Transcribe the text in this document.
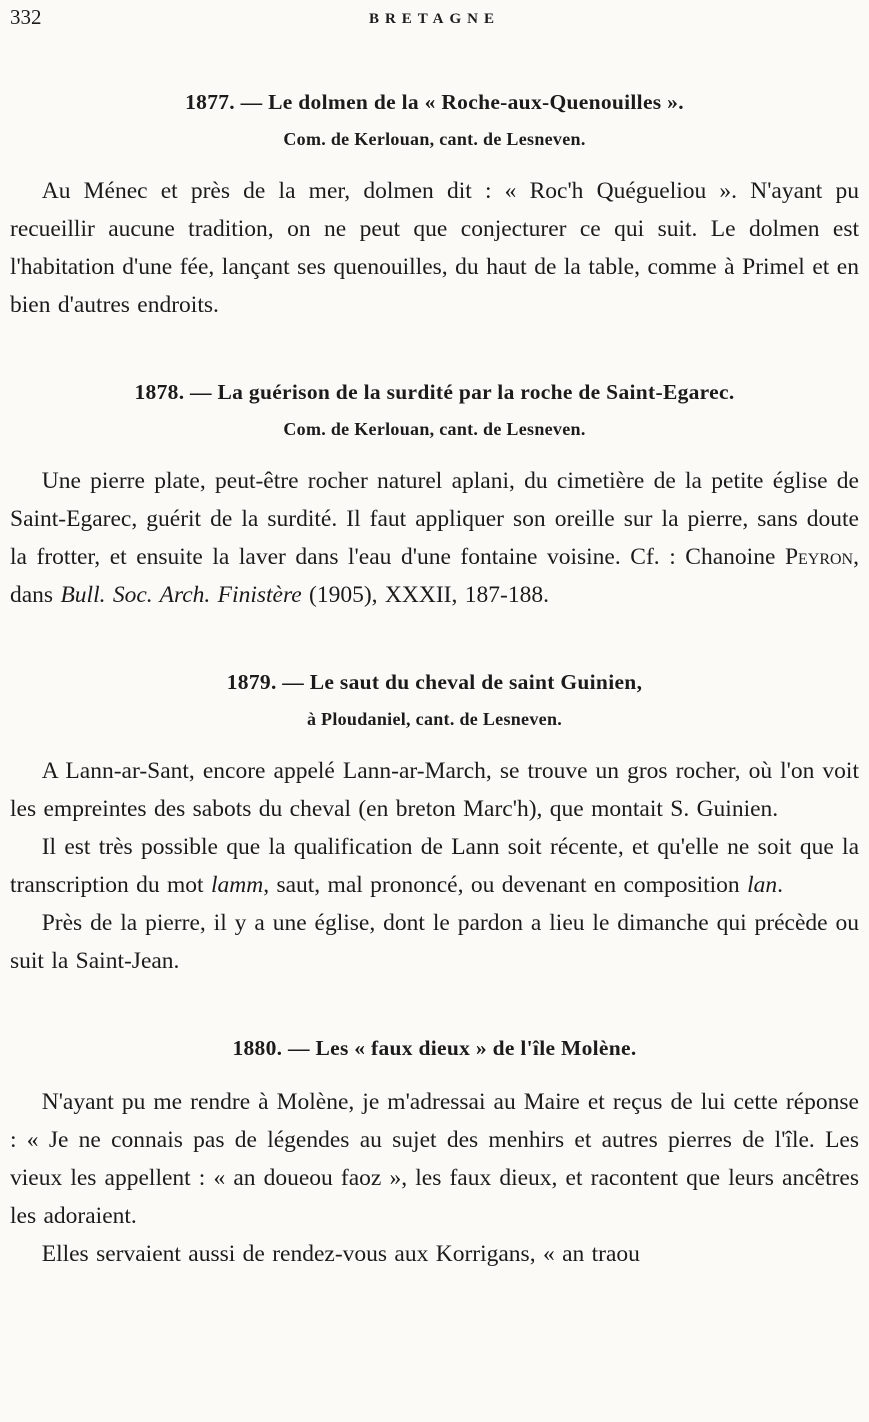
332	BRETAGNE
1877. — Le dolmen de la « Roche-aux-Quenouilles ».
Com. de Kerlouan, cant. de Lesneven.

Au Ménec et près de la mer, dolmen dit : « Roc'h Quégueliou ». N'ayant pu recueillir aucune tradition, on ne peut que conjecturer ce qui suit. Le dolmen est l'habitation d'une fée, lançant ses quenouilles, du haut de la table, comme à Primel et en bien d'autres endroits.

1878. — La guérison de la surdité par la roche de Saint-Egarec.
Com. de Kerlouan, cant. de Lesneven.

Une pierre plate, peut-être rocher naturel aplani, du cimetière de la petite église de Saint-Egarec, guérit de la surdité. Il faut appliquer son oreille sur la pierre, sans doute la frotter, et ensuite la laver dans l'eau d'une fontaine voisine. Cf. : Chanoine Peyron, dans Bull. Soc. Arch. Finistère (1905), XXXII, 187-188.

1879. — Le saut du cheval de saint Guinien,
à Ploudaniel, cant. de Lesneven.

A Lann-ar-Sant, encore appelé Lann-ar-March, se trouve un gros rocher, où l'on voit les empreintes des sabots du cheval (en breton Marc'h), que montait S. Guinien.

Il est très possible que la qualification de Lann soit récente, et qu'elle ne soit que la transcription du mot lamm, saut, mal prononcé, ou devenant en composition lan.

Près de la pierre, il y a une église, dont le pardon a lieu le dimanche qui précède ou suit la Saint-Jean.

1880. — Les « faux dieux » de l'île Molène.

N'ayant pu me rendre à Molène, je m'adressai au Maire et reçus de lui cette réponse : « Je ne connais pas de légendes au sujet des menhirs et autres pierres de l'île. Les vieux les appellent : « an doueou faoz », les faux dieux, et racontent que leurs ancêtres les adoraient.

Elles servaient aussi de rendez-vous aux Korrigans, « an traou
